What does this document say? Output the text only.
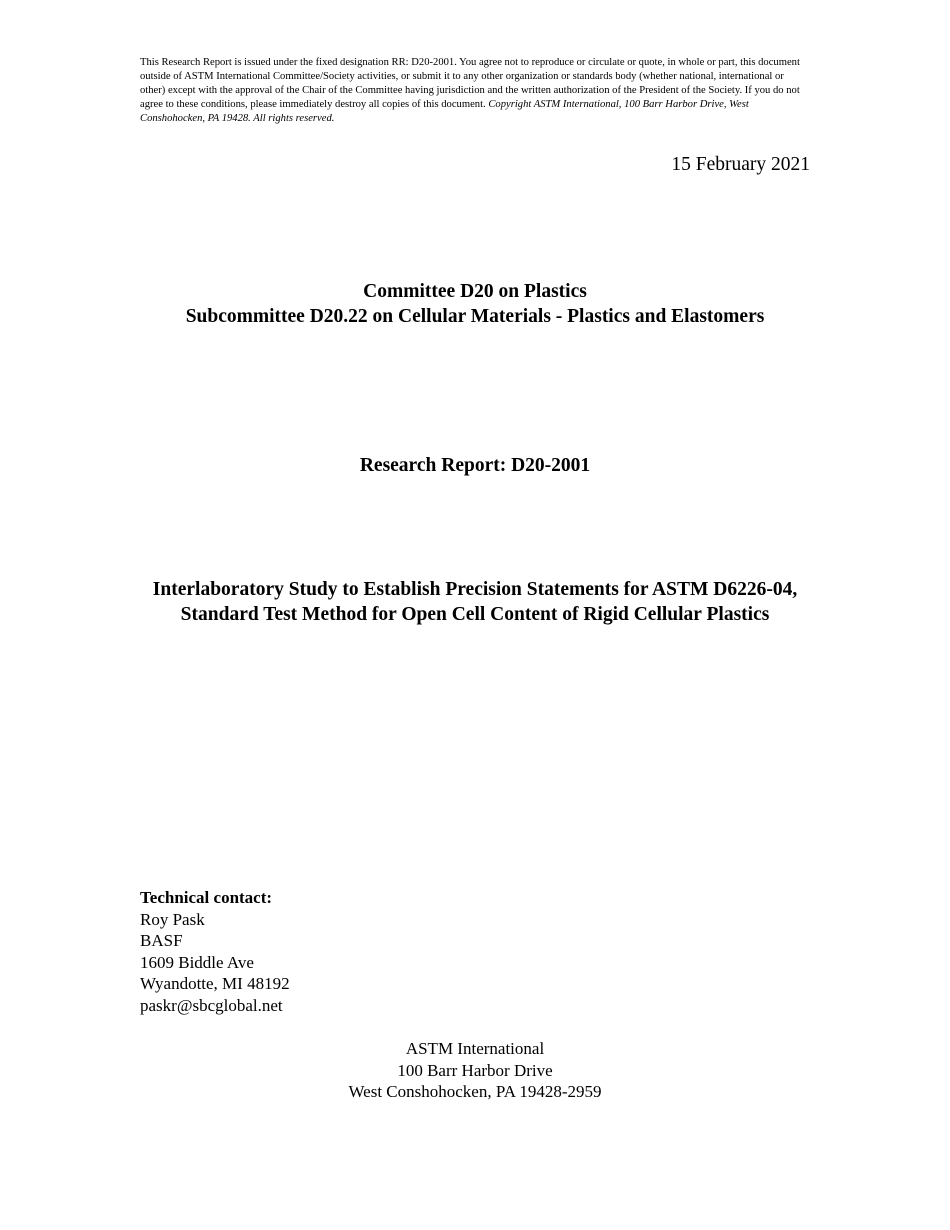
This Research Report is issued under the fixed designation RR: D20-2001. You agree not to reproduce or circulate or quote, in whole or part, this document outside of ASTM International Committee/Society activities, or submit it to any other organization or standards body (whether national, international or other) except with the approval of the Chair of the Committee having jurisdiction and the written authorization of the President of the Society. If you do not agree to these conditions, please immediately destroy all copies of this document. Copyright ASTM International, 100 Barr Harbor Drive, West Conshohocken, PA 19428. All rights reserved.

15 February 2021

Committee D20 on Plastics
Subcommittee D20.22 on Cellular Materials - Plastics and Elastomers

Research Report: D20-2001

Interlaboratory Study to Establish Precision Statements for ASTM D6226-04, Standard Test Method for Open Cell Content of Rigid Cellular Plastics

Technical contact:
Roy Pask
BASF
1609 Biddle Ave
Wyandotte, MI 48192
paskr@sbcglobal.net
ASTM International
100 Barr Harbor Drive
West Conshohocken, PA 19428-2959
